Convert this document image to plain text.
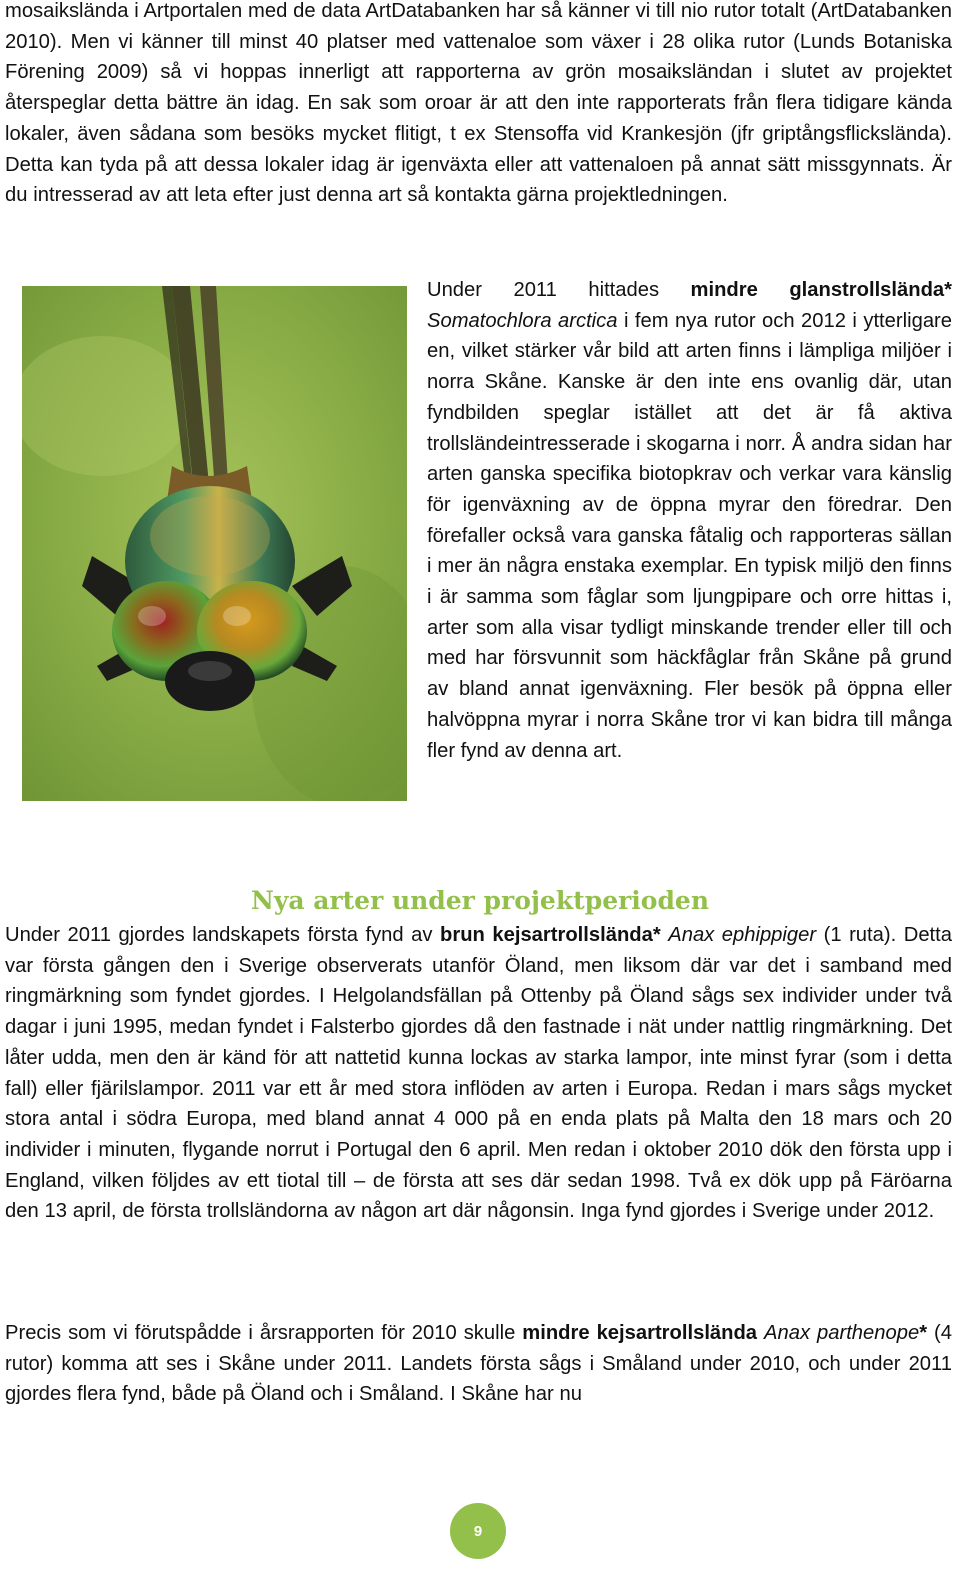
mosaikslända i Artportalen med de data ArtDatabanken har så känner vi till nio rutor totalt (ArtDatabanken 2010). Men vi känner till minst 40 platser med vattenaloe som växer i 28 olika rutor (Lunds Botaniska Förening 2009) så vi hoppas innerligt att rapporterna av grön mosaiksländan i slutet av projektet återspeglar detta bättre än idag. En sak som oroar är att den inte rapporterats från flera tidigare kända lokaler, även sådana som besöks mycket flitigt, t ex Stensoffa vid Krankesjön (jfr griptångsflickslända). Detta kan tyda på att dessa lokaler idag är igenväxta eller att vattenaloen på annat sätt missgynnats. Är du intresserad av att leta efter just denna art så kontakta gärna projektledningen.

Under 2011 hittades mindre glanstrollslända* Somatochlora arctica i fem nya rutor och 2012 i ytterligare en, vilket stärker vår bild att arten finns i lämpliga miljöer i norra Skåne. Kanske är den inte ens ovanlig där, utan fyndbilden speglar istället att det är få aktiva trollsländeintresserade i skogarna i norr. Å andra sidan har arten ganska specifika biotopkrav och verkar vara känslig för igenväxning av de öppna myrar den föredrar. Den förefaller också vara ganska fåtalig och rapporteras sällan i mer än några enstaka exemplar. En typisk miljö den finns i är samma som fåglar som ljungpipare och orre hittas i, arter som alla visar tydligt minskande trender eller till och med har försvunnit som häckfåglar från Skåne på grund av bland annat igenväxning. Fler besök på öppna eller halvöppna myrar i norra Skåne tror vi kan bidra till många fler fynd av denna art.

Nya arter under projektperioden

Under 2011 gjordes landskapets första fynd av brun kejsartrollslända* Anax ephippiger (1 ruta). Detta var första gången den i Sverige observerats utanför Öland, men liksom där var det i samband med ringmärkning som fyndet gjordes. I Helgolandsfällan på Ottenby på Öland sågs sex individer under två dagar i juni 1995, medan fyndet i Falsterbo gjordes då den fastnade i nät under nattlig ringmärkning. Det låter udda, men den är känd för att nattetid kunna lockas av starka lampor, inte minst fyrar (som i detta fall) eller fjärilslampor. 2011 var ett år med stora inflöden av arten i Europa. Redan i mars sågs mycket stora antal i södra Europa, med bland annat 4 000 på en enda plats på Malta den 18 mars och 20 individer i minuten, flygande norrut i Portugal den 6 april. Men redan i oktober 2010 dök den första upp i England, vilken följdes av ett tiotal till – de första att ses där sedan 1998. Två ex dök upp på Färöarna den 13 april, de första trollsländorna av någon art där någonsin. Inga fynd gjordes i Sverige under 2012.

Precis som vi förutspådde i årsrapporten för 2010 skulle mindre kejsartrollslända Anax parthenope* (4 rutor) komma att ses i Skåne under 2011. Landets första sågs i Småland under 2010, och under 2011 gjordes flera fynd, både på Öland och i Småland. I Skåne har nu

9
